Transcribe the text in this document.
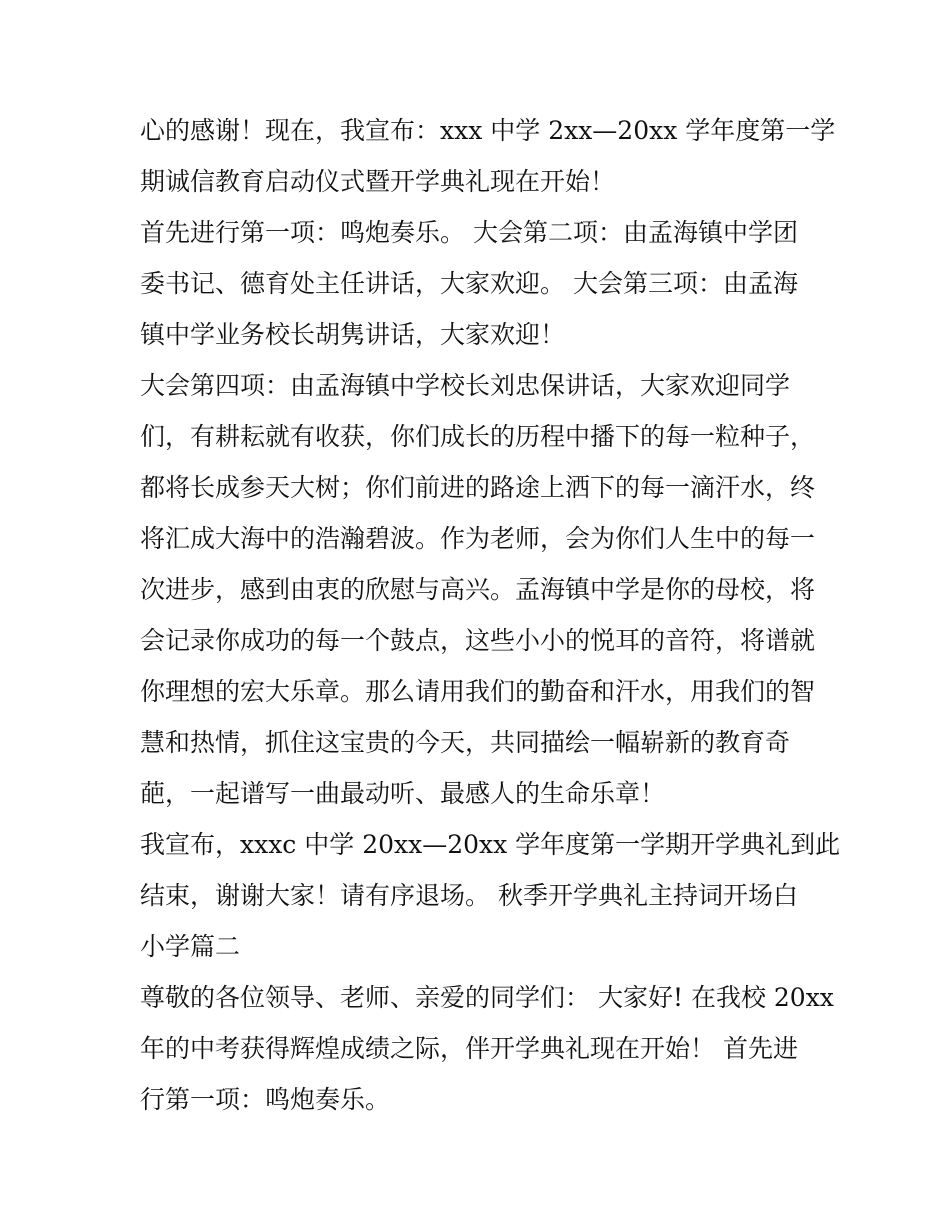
心的感谢！现在，我宣布：xxx 中学 2xx—20xx 学年度第一学
期诚信教育启动仪式暨开学典礼现在开始！
首先进行第一项：鸣炮奏乐。 大会第二项：由孟海镇中学团
委书记、德育处主任讲话，大家欢迎。 大会第三项：由孟海
镇中学业务校长胡隽讲话，大家欢迎！
大会第四项：由孟海镇中学校长刘忠保讲话，大家欢迎同学
们，有耕耘就有收获，你们成长的历程中播下的每一粒种子，
都将长成参天大树；你们前进的路途上洒下的每一滴汗水，终
将汇成大海中的浩瀚碧波。作为老师，会为你们人生中的每一
次进步，感到由衷的欣慰与高兴。孟海镇中学是你的母校，将
会记录你成功的每一个鼓点，这些小小的悦耳的音符，将谱就
你理想的宏大乐章。那么请用我们的勤奋和汗水，用我们的智
慧和热情，抓住这宝贵的今天，共同描绘一幅崭新的教育奇
葩，一起谱写一曲最动听、最感人的生命乐章！
我宣布，xxxc 中学 20xx—20xx 学年度第一学期开学典礼到此
结束，谢谢大家！请有序退场。 秋季开学典礼主持词开场白
小学篇二
尊敬的各位领导、老师、亲爱的同学们： 大家好! 在我校 20xx
年的中考获得辉煌成绩之际，伴开学典礼现在开始！ 首先进
行第一项：鸣炮奏乐。
